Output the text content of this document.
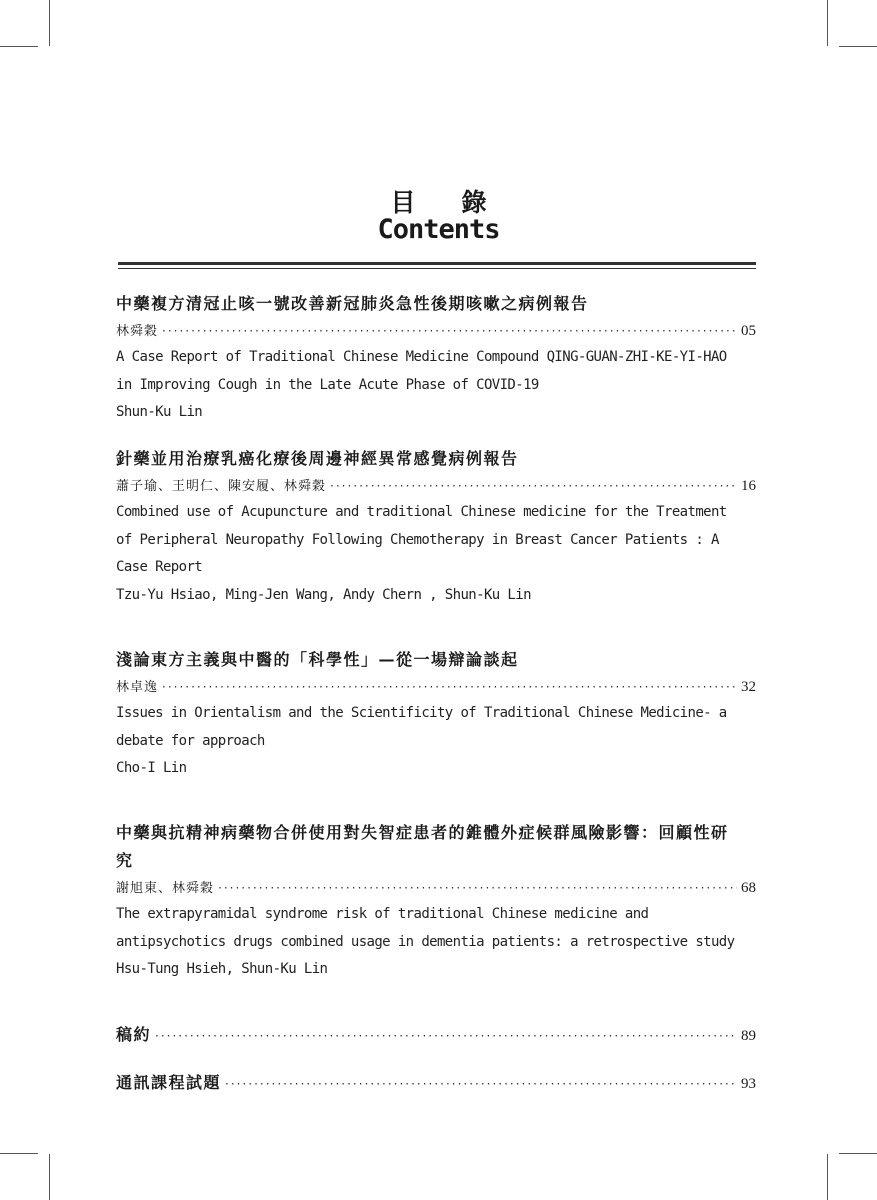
目錄
Contents
中藥複方清冠止咳一號改善新冠肺炎急性後期咳嗽之病例報告
林舜穀 ·····	05
A Case Report of Traditional Chinese Medicine Compound QING-GUAN-ZHI-KE-YI-HAO
in Improving Cough in the Late Acute Phase of COVID-19
Shun-Ku Lin
針藥並用治療乳癌化療後周邊神經異常感覺病例報告
蕭子瑜、王明仁、陳安履、林舜穀 ·····	16
Combined use of Acupuncture and traditional Chinese medicine for the Treatment
of Peripheral Neuropathy Following Chemotherapy in Breast Cancer Patients : A
Case Report
Tzu-Yu Hsiao, Ming-Jen Wang, Andy Chern , Shun-Ku Lin
淺論東方主義與中醫的「科學性」—從一場辯論談起
林卓逸 ·····	32
Issues in Orientalism and the Scientificity of Traditional Chinese Medicine- a
debate for approach
Cho-I Lin
中藥與抗精神病藥物合併使用對失智症患者的錐體外症候群風險影響：回顧性研
究
謝旭東、林舜穀 ·····	68
The extrapyramidal syndrome risk of traditional Chinese medicine and
antipsychotics drugs combined usage in dementia patients: a retrospective study
Hsu-Tung Hsieh, Shun-Ku Lin
稿約 ·····	89
通訊課程試題 ·····	93
